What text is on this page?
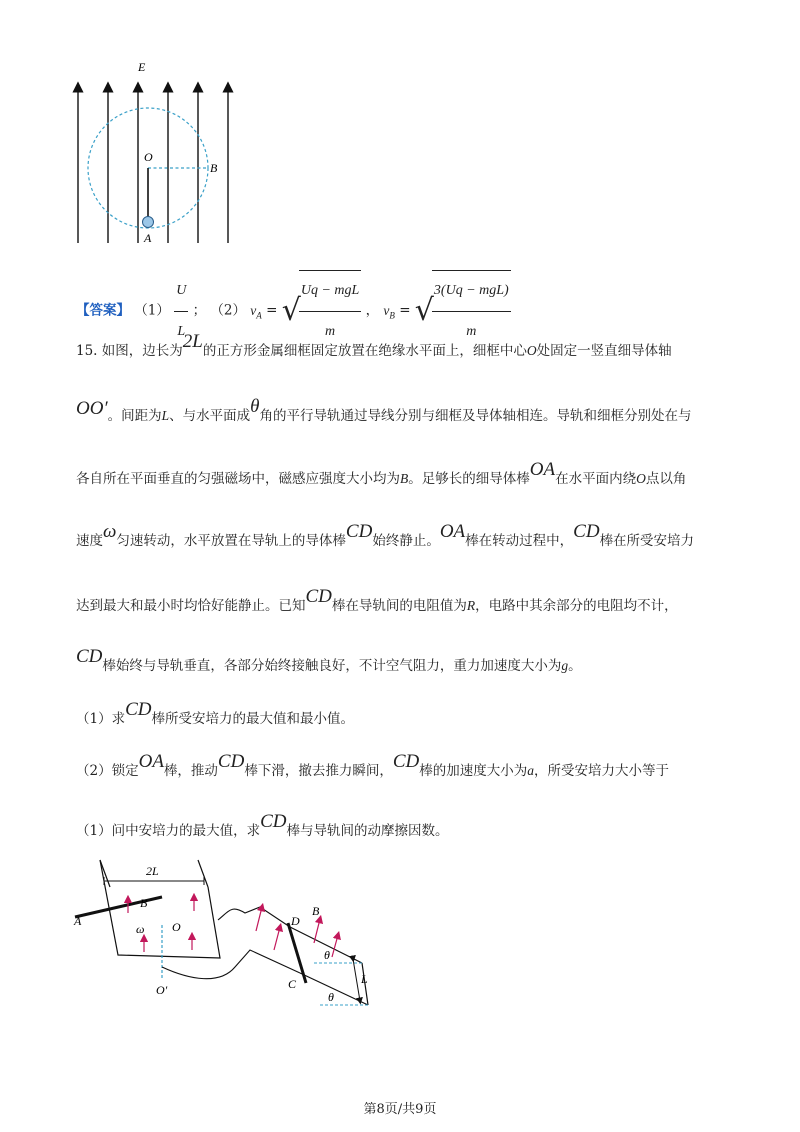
E
O
B
A
【答案】 $(1) \frac{U}{L}$ ； （2） $v_A$ = √
$\frac{\text{Uq − mgL}}{m}$ ， $v_B$ = √
$\frac{\text{3(Uq − mgL)}}{m}$
15. 如图，边长为2L的正方形金属细框固定放置在绝缘水平面上，细框中心O处固定一竖直细导体轴
OO′。间距为L、与水平面成θ角的平行导轨通过导线分别与细框及导体轴相连。导轨和细框分别处在与
各自所在平面垂直的匀强磁场中，磁感应强度大小均为B。足够长的细导体棒OA在水平面内绕O点以角
速度ω匀速转动，水平放置在导轨上的导体棒CD始终静止。OA棒在转动过程中，CD棒在所受安培力
达到最大和最小时均恰好能静止。已知CD棒在导轨间的电阻值为R，电路中其余部分的电阻均不计，
CD棒始终与导轨垂直，各部分始终接触良好，不计空气阻力，重力加速度大小为g。
（1）求CD棒所受安培力的最大值和最小值。
（2）锁定OA棒，推动CD棒下滑，撤去推力瞬间，CD棒的加速度大小为a，所受安培力大小等于
（1）问中安培力的最大值，求CD棒与导轨间的动摩擦因数。
2L
A
B
ω O
O′
D
C
B
θ
θ
L
第8页/共9页
